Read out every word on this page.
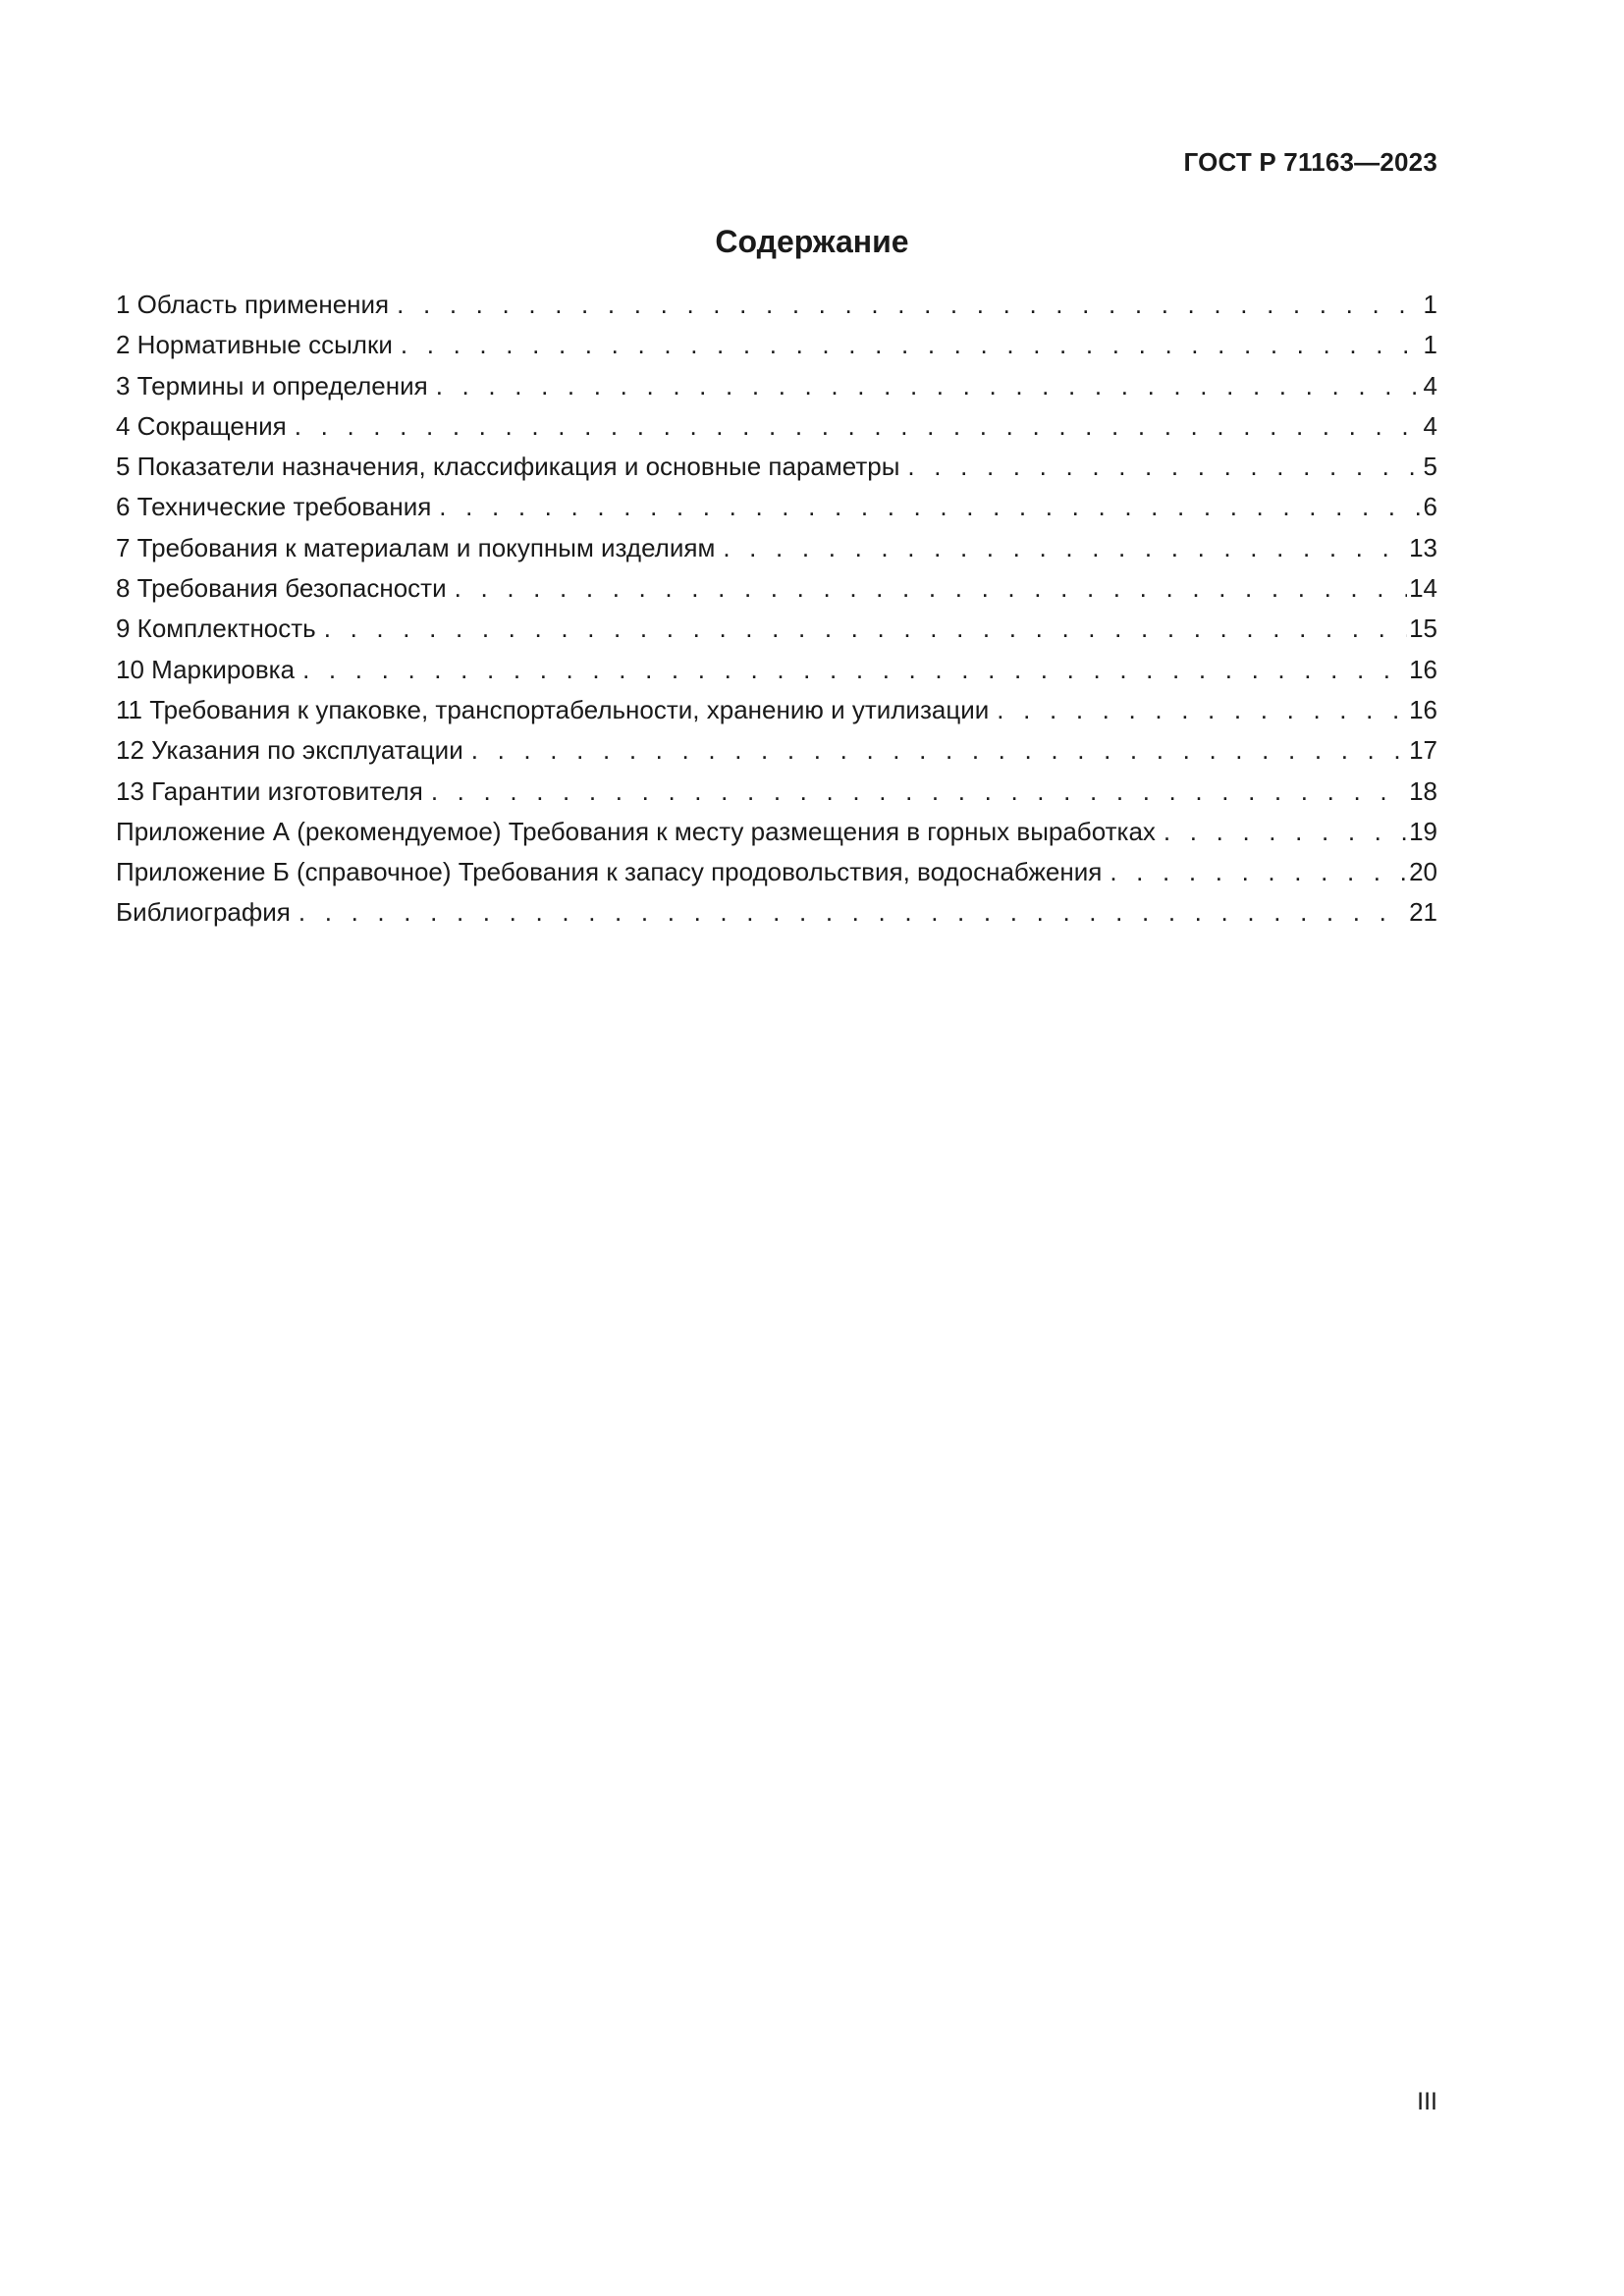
ГОСТ Р 71163—2023
Содержание
1 Область применения . . .	1
2 Нормативные ссылки . . .	1
3 Термины и определения . . .	4
4 Сокращения . . .	4
5 Показатели назначения, классификация и основные параметры . . .	5
6 Технические требования . . .	6
7 Требования к материалам и покупным изделиям . . .	13
8 Требования безопасности . . .	14
9 Комплектность . . .	15
10 Маркировка . . .	16
11 Требования к упаковке, транспортабельности, хранению и утилизации . . .	16
12 Указания по эксплуатации . . .	17
13 Гарантии изготовителя . . .	18
Приложение А (рекомендуемое) Требования к месту размещения в горных выработках . . .	19
Приложение Б (справочное) Требования к запасу продовольствия, водоснабжения . . .	20
Библиография . . .	21
III
